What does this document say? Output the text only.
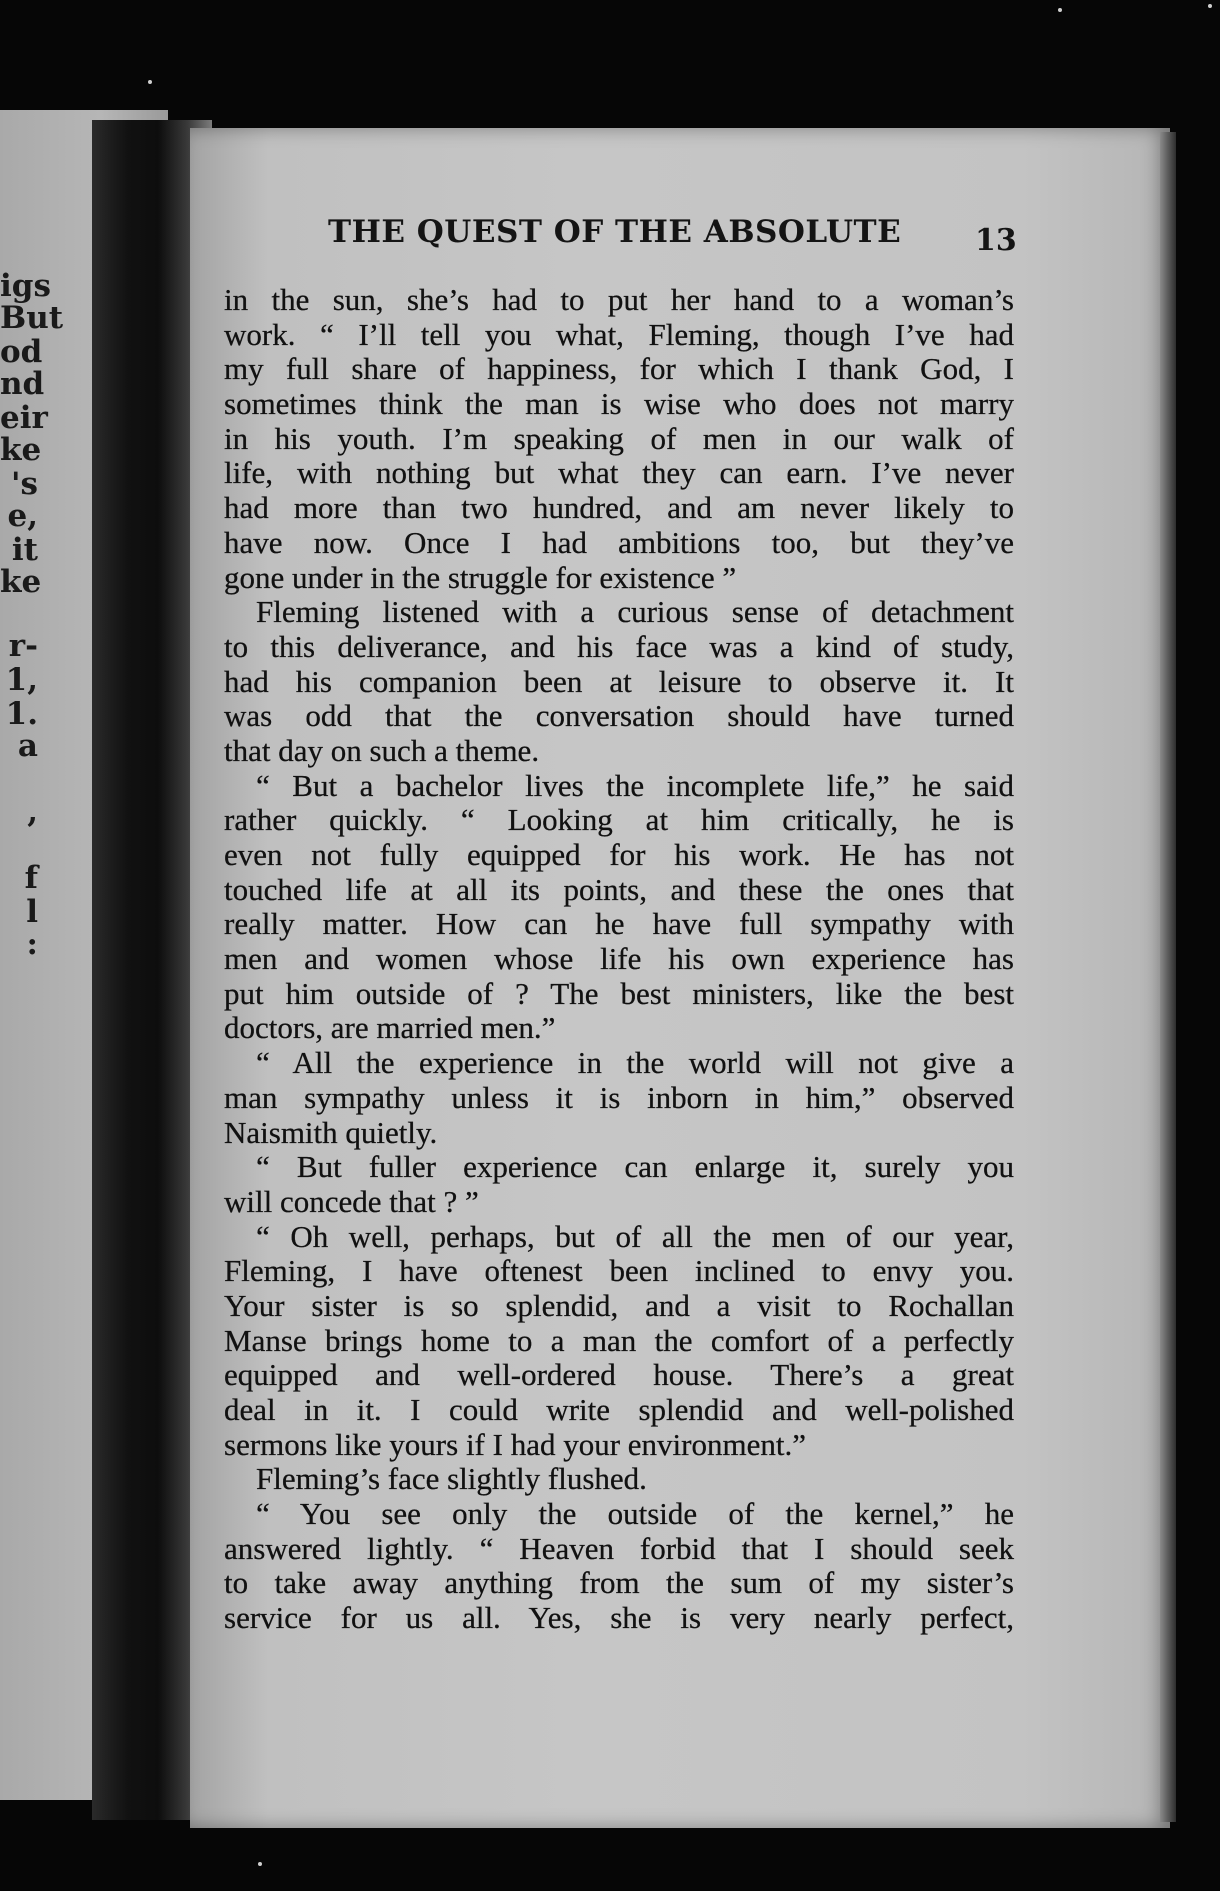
igs
But
od
nd
eir
ke
's
e,
it
ke
r-
1,
1.
a
,
f
l
:
THE QUEST OF THE ABSOLUTE 13
in the sun, she’s had to put her hand to a woman’s
work. “ I’ll tell you what, Fleming, though I’ve had
my full share of happiness, for which I thank God, I
sometimes think the man is wise who does not marry
in his youth. I’m speaking of men in our walk of
life, with nothing but what they can earn. I’ve never
had more than two hundred, and am never likely to
have now. Once I had ambitions too, but they’ve
gone under in the struggle for existence ”
Fleming listened with a curious sense of detachment
to this deliverance, and his face was a kind of study,
had his companion been at leisure to observe it. It
was odd that the conversation should have turned
that day on such a theme.
“ But a bachelor lives the incomplete life,” he said
rather quickly. “ Looking at him critically, he is
even not fully equipped for his work. He has not
touched life at all its points, and these the ones that
really matter. How can he have full sympathy with
men and women whose life his own experience has
put him outside of ? The best ministers, like the best
doctors, are married men.”
“ All the experience in the world will not give a
man sympathy unless it is inborn in him,” observed
Naismith quietly.
“ But fuller experience can enlarge it, surely you
will concede that ? ”
“ Oh well, perhaps, but of all the men of our year,
Fleming, I have oftenest been inclined to envy you.
Your sister is so splendid, and a visit to Rochallan
Manse brings home to a man the comfort of a perfectly
equipped and well-ordered house. There’s a great
deal in it. I could write splendid and well-polished
sermons like yours if I had your environment.”
Fleming’s face slightly flushed.
“ You see only the outside of the kernel,” he
answered lightly. “ Heaven forbid that I should seek
to take away anything from the sum of my sister’s
service for us all. Yes, she is very nearly perfect,
